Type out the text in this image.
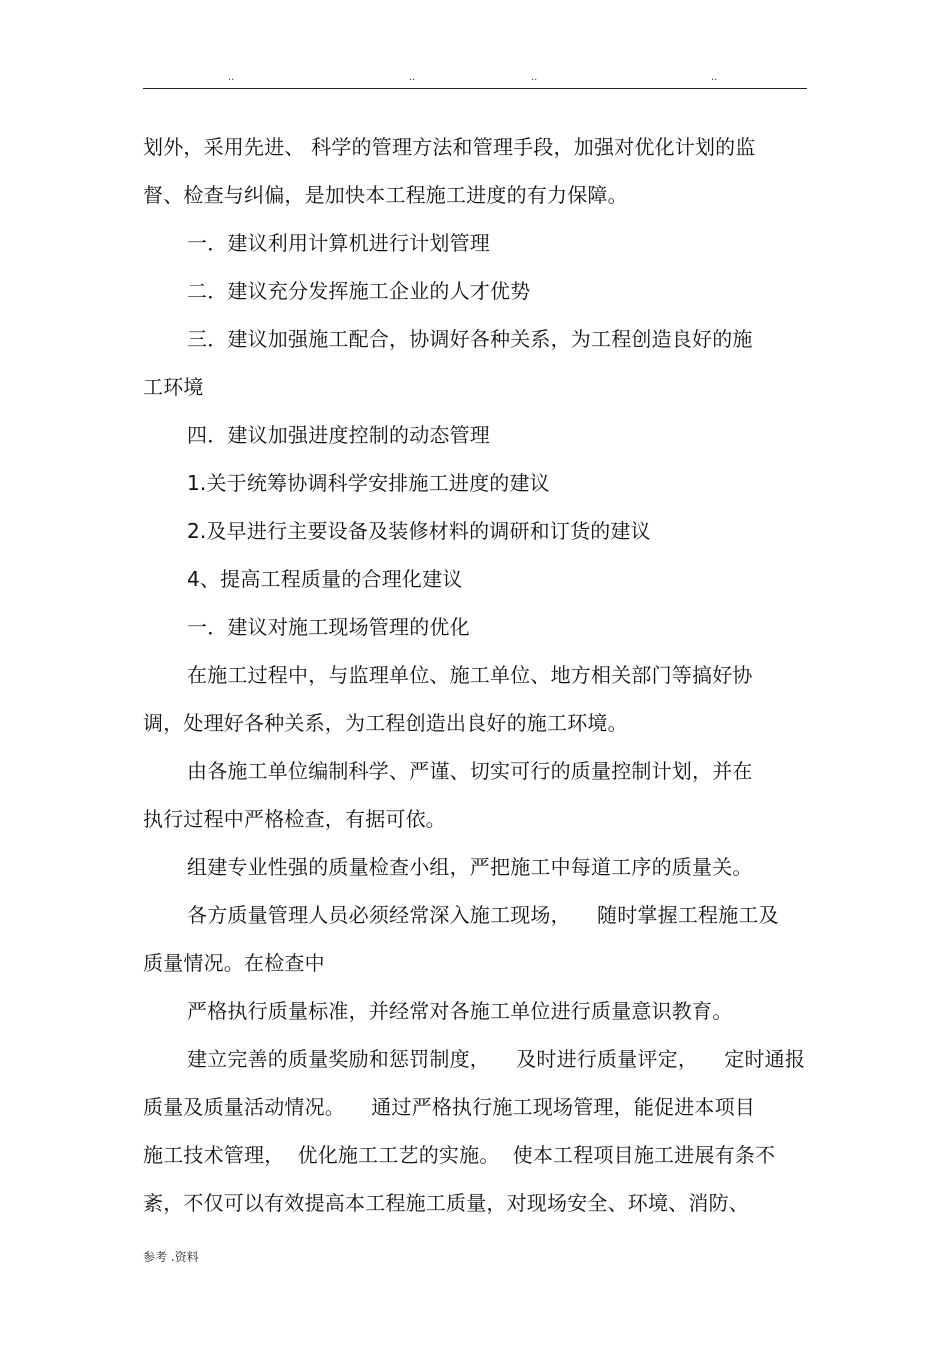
..	..	..	..
划外，采用先进、 科学的管理方法和管理手段，加强对优化计划的监
督、检查与纠偏，是加快本工程施工进度的有力保障。
一．建议利用计算机进行计划管理
二．建议充分发挥施工企业的人才优势
三．建议加强施工配合，协调好各种关系，为工程创造良好的施
工环境
四．建议加强进度控制的动态管理
1.关于统筹协调科学安排施工进度的建议
2.及早进行主要设备及装修材料的调研和订货的建议
4、提高工程质量的合理化建议
一．建议对施工现场管理的优化
在施工过程中，与监理单位、施工单位、地方相关部门等搞好协
调，处理好各种关系，为工程创造出良好的施工环境。
由各施工单位编制科学、严谨、切实可行的质量控制计划，并在
执行过程中严格检查，有据可依。
组建专业性强的质量检查小组，严把施工中每道工序的质量关。
各方质量管理人员必须经常深入施工现场，    随时掌握工程施工及
质量情况。在检查中
严格执行质量标准，并经常对各施工单位进行质量意识教育。
建立完善的质量奖励和惩罚制度，    及时进行质量评定，    定时通报
质量及质量活动情况。    通过严格执行施工现场管理，能促进本项目
施工技术管理，  优化施工工艺的实施。  使本工程项目施工进展有条不
紊，不仅可以有效提高本工程施工质量，对现场安全、环境、消防、
参考 .资料
